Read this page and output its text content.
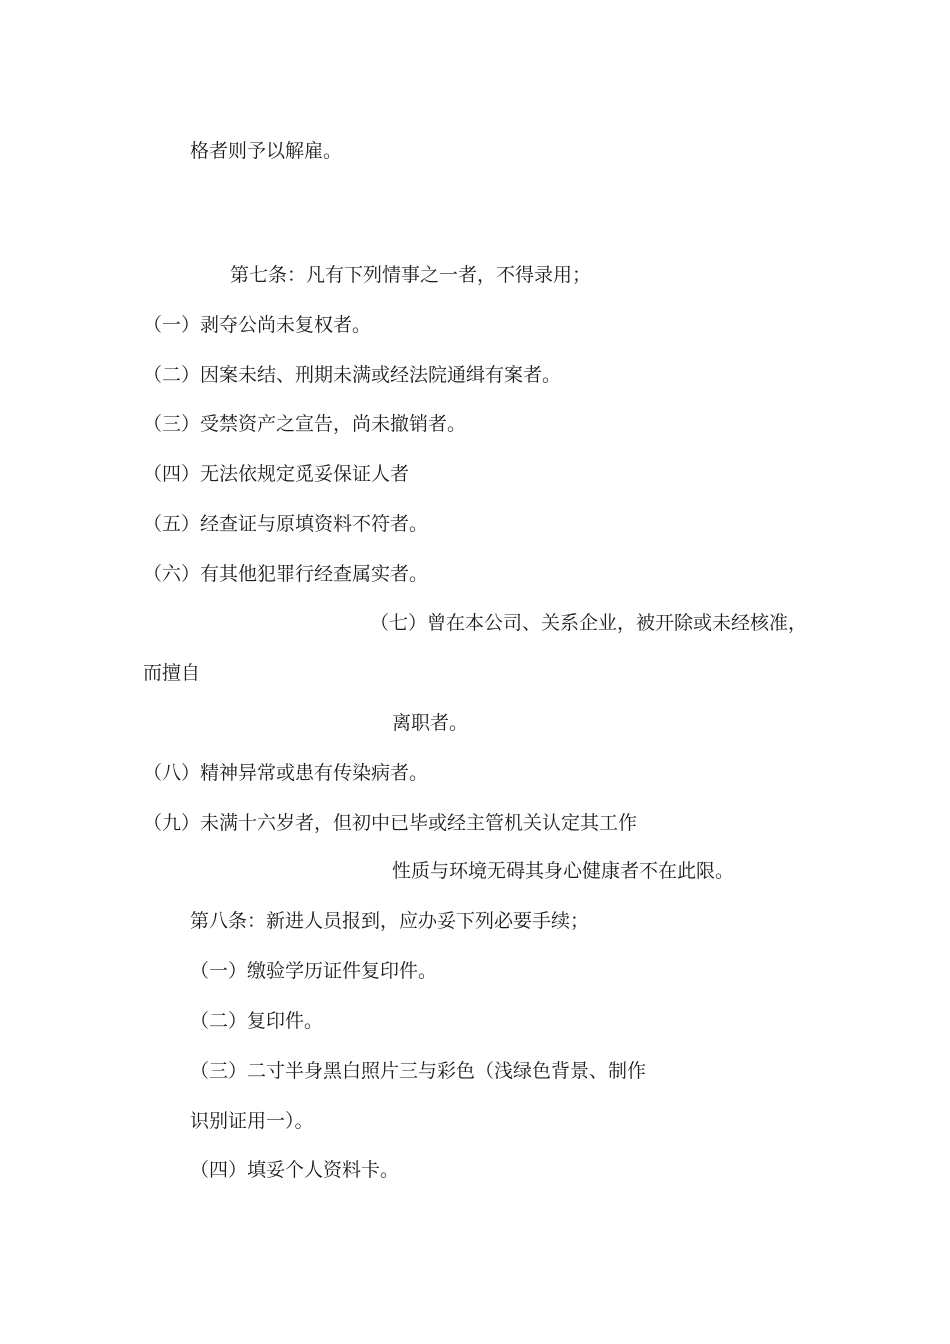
格者则予以解雇。
第七条：凡有下列情事之一者，不得录用；
（一）剥夺公尚未复权者。
（二）因案未结、刑期未满或经法院通缉有案者。
（三）受禁资产之宣告，尚未撤销者。
（四）无法依规定觅妥保证人者
（五）经查证与原填资料不符者。
（六）有其他犯罪行经查属实者。
（七）曾在本公司、关系企业，被开除或未经核准，
而擅自
离职者。
（八）精神异常或患有传染病者。
（九）未满十六岁者，但初中已毕或经主管机关认定其工作
性质与环境无碍其身心健康者不在此限。
第八条：新进人员报到，应办妥下列必要手续；
（一）缴验学历证件复印件。
（二）复印件。
（三）二寸半身黑白照片三与彩色（浅绿色背景、制作
识别证用一）。
（四）填妥个人资料卡。
